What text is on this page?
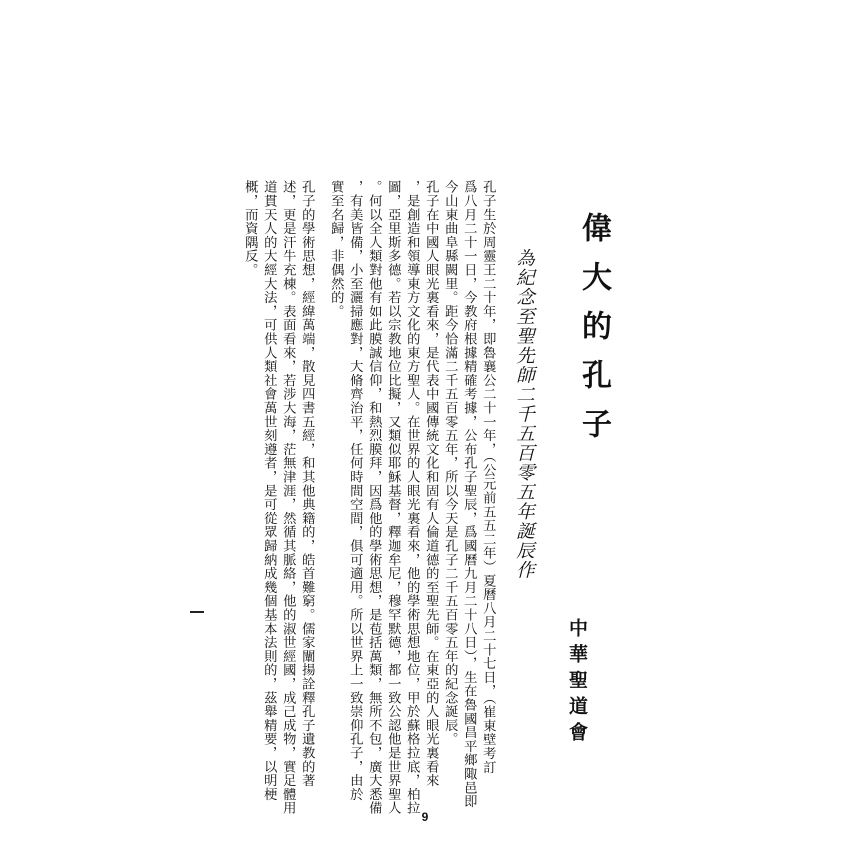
偉大的孔子
為紀念至聖先師二千五百零五年誕辰作
中華聖道會
孔子生於周靈王二十年，即魯襄公二十一年，（公元前五五二年）夏曆八月二十七日，（崔東壁考訂
爲八月二十一日，今教府根據精確考據，公布孔子聖辰，爲國曆九月二十八日），生在魯國昌平鄉陬邑即
今山東曲阜縣闕里。距今恰滿二千五百零五年，所以今天是孔子二千五百零五年的紀念誕辰。
孔子在中國人眼光裏看來，是代表中國傳統文化和固有人倫道德的至聖先師。在東亞的人眼光裏看來
，是創造和領導東方文化的東方聖人。在世界的人眼光裏看來，他的學術思想地位，甲於蘇格拉底，柏拉
圖，亞里斯多德。若以宗教地位比擬，又類似耶穌基督，釋迦牟尼，穆罕默德，都一致公認他是世界聖人
。何以全人類對他有如此膜誠信仰，和熱烈膜拜，因爲他的學術思想，是苞括萬類，無所不包，廣大悉備
，有美皆備，小至灑掃應對，大脩齊治平，任何時間空間，俱可適用。所以世界上一致崇仰孔子，由於
實至名歸，非偶然的。
孔子的學術思想，經緯萬端，散見四書五經，和其他典籍的，皓首難窮。儒家闡揚詮釋孔子遺教的著
述，更是汗牛充棟。表面看來，若涉大海，茫無津涯，然循其脈絡，他的淑世經國，成己成物，實足體用
道貫天人的大經大法，可供人類社會萬世刻遵者，是可從眾歸納成幾個基本法則的，茲舉精要，以明梗
概，而資隅反。
9
